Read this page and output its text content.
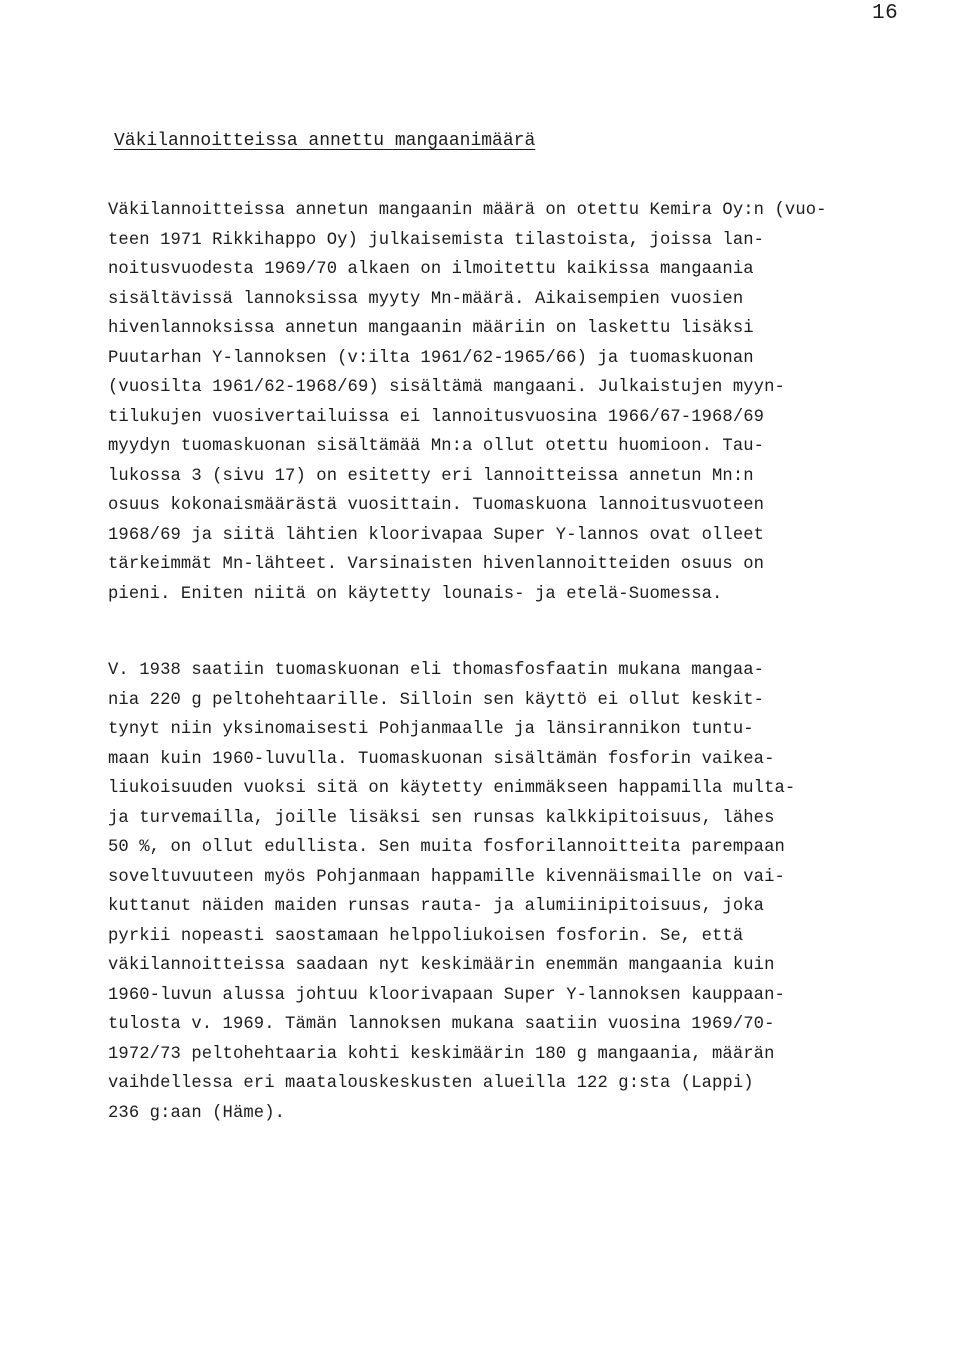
16
Väkilannoitteissa annettu mangaanimäärä
Väkilannoitteissa annetun mangaanin määrä on otettu Kemira Oy:n (vuo-
teen 1971 Rikkihappo Oy) julkaisemista tilastoista, joissa lan-
noitusvuodesta 1969/70 alkaen on ilmoitettu kaikissa mangaania
sisältävissä lannoksissa myyty Mn-määrä. Aikaisempien vuosien
hivenlannoksissa annetun mangaanin määriin on laskettu lisäksi
Puutarhan Y-lannoksen (v:ilta 1961/62-1965/66) ja tuomaskuonan
(vuosilta 1961/62-1968/69) sisältämä mangaani. Julkaistujen myyn-
tilukujen vuosivertailuissa ei lannoitusvuosina 1966/67-1968/69
myydyn tuomaskuonan sisältämää Mn:a ollut otettu huomioon. Tau-
lukossa 3 (sivu 17) on esitetty eri lannoitteissa annetun Mn:n
osuus kokonaismäärästä vuosittain. Tuomaskuona lannoitusvuoteen
1968/69 ja siitä lähtien kloorivapaa Super Y-lannos ovat olleet
tärkeimmät Mn-lähteet. Varsinaisten hivenlannoitteiden osuus on
pieni. Eniten niitä on käytetty lounais- ja etelä-Suomessa.
V. 1938 saatiin tuomaskuonan eli thomasfosfaatin mukana mangaa-
nia 220 g peltohehtaarille. Silloin sen käyttö ei ollut keskit-
tynyt niin yksinomaisesti Pohjanmaalle ja länsirannikon tuntu-
maan kuin 1960-luvulla. Tuomaskuonan sisältämän fosforin vaikea-
liukoisuuden vuoksi sitä on käytetty enimmäkseen happamilla multa-
ja turvemailla, joille lisäksi sen runsas kalkkipitoisuus, lähes
50 %, on ollut edullista. Sen muita fosforilannoitteita parempaan
soveltuvuuteen myös Pohjanmaan happamille kivennäismaille on vai-
kuttanut näiden maiden runsas rauta- ja alumiinipitoisuus, joka
pyrkii nopeasti saostamaan helppoliukoisen fosforin. Se, että
väkilannoitteissa saadaan nyt keskimäärin enemmän mangaania kuin
1960-luvun alussa johtuu kloorivapaan Super Y-lannoksen kauppaan-
tulosta v. 1969. Tämän lannoksen mukana saatiin vuosina 1969/70-
1972/73 peltohehtaaria kohti keskimäärin 180 g mangaania, määrän
vaihdellessa eri maatalouskeskusten alueilla 122 g:sta (Lappi)
236 g:aan (Häme).
